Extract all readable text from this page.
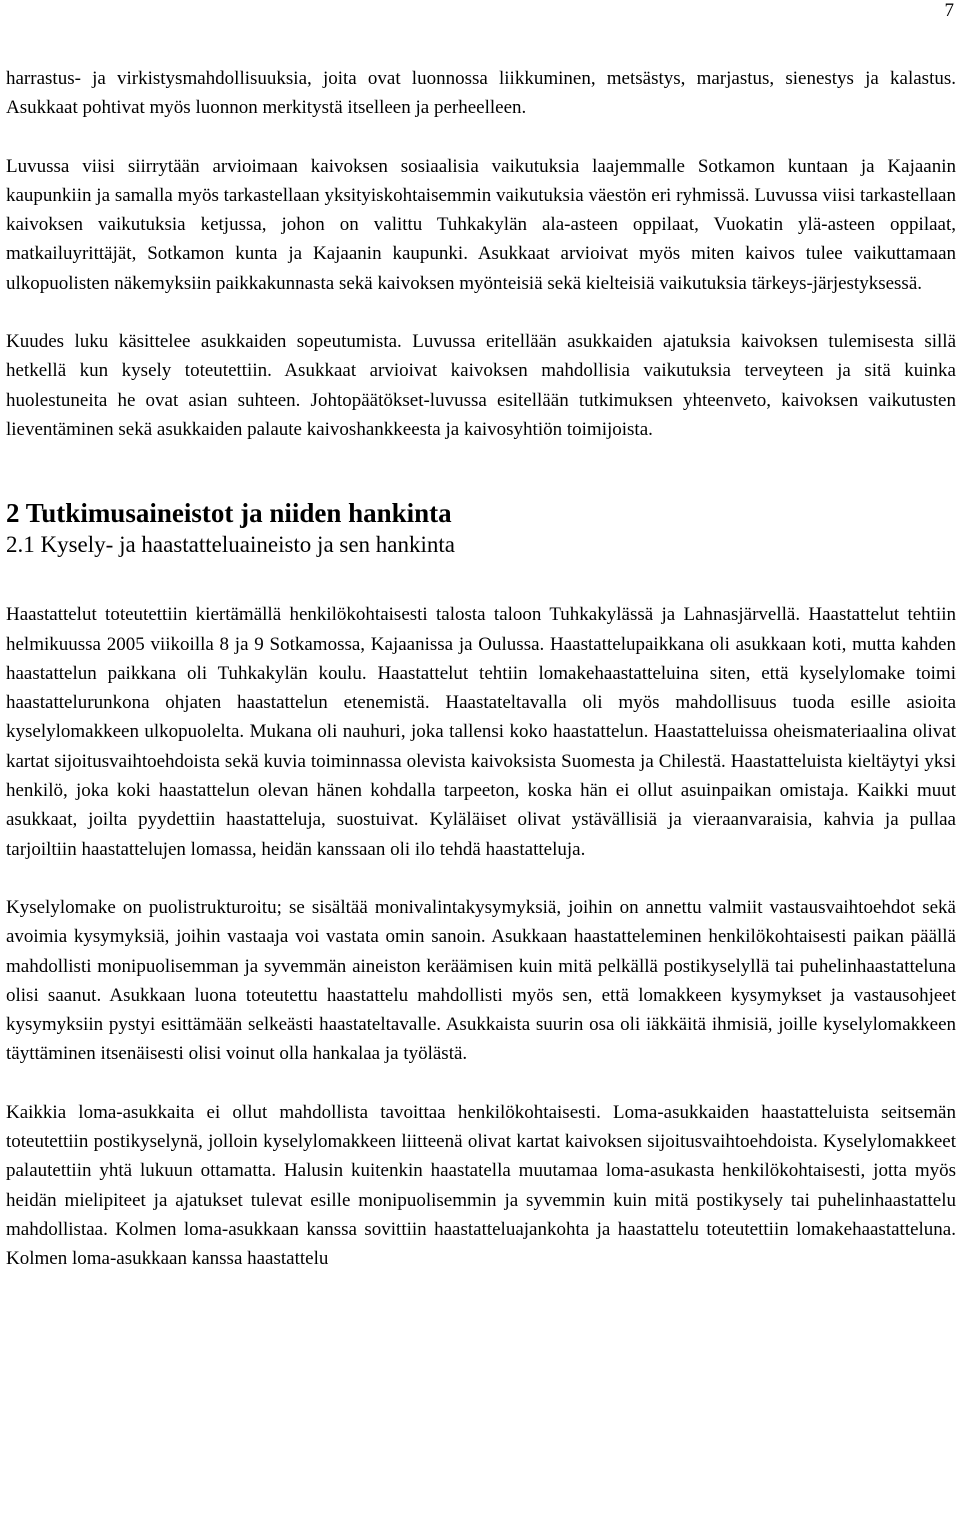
7

harrastus- ja virkistysmahdollisuuksia, joita ovat luonnossa liikkuminen, metsästys, marjastus, sienestys ja kalastus. Asukkaat pohtivat myös luonnon merkitystä itselleen ja perheelleen.

Luvussa viisi siirrytään arvioimaan kaivoksen sosiaalisia vaikutuksia laajemmalle Sotkamon kuntaan ja Kajaanin kaupunkiin ja samalla myös tarkastellaan yksityiskohtaisemmin vaikutuksia väestön eri ryhmissä. Luvussa viisi tarkastellaan kaivoksen vaikutuksia ketjussa, johon on valittu Tuhkakylän ala-asteen oppilaat, Vuokatin ylä-asteen oppilaat, matkailuyrittäjät, Sotkamon kunta ja Kajaanin kaupunki. Asukkaat arvioivat myös miten kaivos tulee vaikuttamaan ulkopuolisten näkemyksiin paikkakunnasta sekä kaivoksen myönteisiä sekä kielteisiä vaikutuksia tärkeys-järjestyksessä.

Kuudes luku käsittelee asukkaiden sopeutumista. Luvussa eritellään asukkaiden ajatuksia kaivoksen tulemisesta sillä hetkellä kun kysely toteutettiin. Asukkaat arvioivat kaivoksen mahdollisia vaikutuksia terveyteen ja sitä kuinka huolestuneita he ovat asian suhteen. Johtopäätökset-luvussa esitellään tutkimuksen yhteenveto, kaivoksen vaikutusten lieventäminen sekä asukkaiden palaute kaivoshankkeesta ja kaivosyhtiön toimijoista.

2 Tutkimusaineistot ja niiden hankinta
2.1 Kysely- ja haastatteluaineisto ja sen hankinta

Haastattelut toteutettiin kiertämällä henkilökohtaisesti talosta taloon Tuhkakylässä ja Lahnasjärvellä. Haastattelut tehtiin helmikuussa 2005 viikoilla 8 ja 9 Sotkamossa, Kajaanissa ja Oulussa. Haastattelupaikkana oli asukkaan koti, mutta kahden haastattelun paikkana oli Tuhkakylän koulu. Haastattelut tehtiin lomakehaastatteluina siten, että kyselylomake toimi haastattelurunkona ohjaten haastattelun etenemistä. Haastateltavalla oli myös mahdollisuus tuoda esille asioita kyselylomakkeen ulkopuolelta. Mukana oli nauhuri, joka tallensi koko haastattelun. Haastatteluissa oheismateriaalina olivat kartat sijoitusvaihtoehdoista sekä kuvia toiminnassa olevista kaivoksista Suomesta ja Chilestä. Haastatteluista kieltäytyi yksi henkilö, joka koki haastattelun olevan hänen kohdalla tarpeeton, koska hän ei ollut asuinpaikan omistaja. Kaikki muut asukkaat, joilta pyydettiin haastatteluja, suostuivat. Kyläläiset olivat ystävällisiä ja vieraanvaraisia, kahvia ja pullaa tarjoiltiin haastattelujen lomassa, heidän kanssaan oli ilo tehdä haastatteluja.

Kyselylomake on puolistrukturoitu; se sisältää monivalintakysymyksiä, joihin on annettu valmiit vastausvaihtoehdot sekä avoimia kysymyksiä, joihin vastaaja voi vastata omin sanoin. Asukkaan haastatteleminen henkilökohtaisesti paikan päällä mahdollisti monipuolisemman ja syvemmän aineiston keräämisen kuin mitä pelkällä postikyselyllä tai puhelinhaastatteluna olisi saanut. Asukkaan luona toteutettu haastattelu mahdollisti myös sen, että lomakkeen kysymykset ja vastausohjeet kysymyksiin pystyi esittämään selkeästi haastateltavalle. Asukkaista suurin osa oli iäkkäitä ihmisiä, joille kyselylomakkeen täyttäminen itsenäisesti olisi voinut olla hankalaa ja työlästä.

Kaikkia loma-asukkaita ei ollut mahdollista tavoittaa henkilökohtaisesti. Loma-asukkaiden haastatteluista seitsemän toteutettiin postikyselynä, jolloin kyselylomakkeen liitteenä olivat kartat kaivoksen sijoitusvaihtoehdoista. Kyselylomakkeet palautettiin yhtä lukuun ottamatta. Halusin kuitenkin haastatella muutamaa loma-asukasta henkilökohtaisesti, jotta myös heidän mielipiteet ja ajatukset tulevat esille monipuolisemmin ja syvemmin kuin mitä postikysely tai puhelinhaastattelu mahdollistaa. Kolmen loma-asukkaan kanssa sovittiin haastatteluajankohta ja haastattelu toteutettiin lomakehaastatteluna. Kolmen loma-asukkaan kanssa haastattelu
